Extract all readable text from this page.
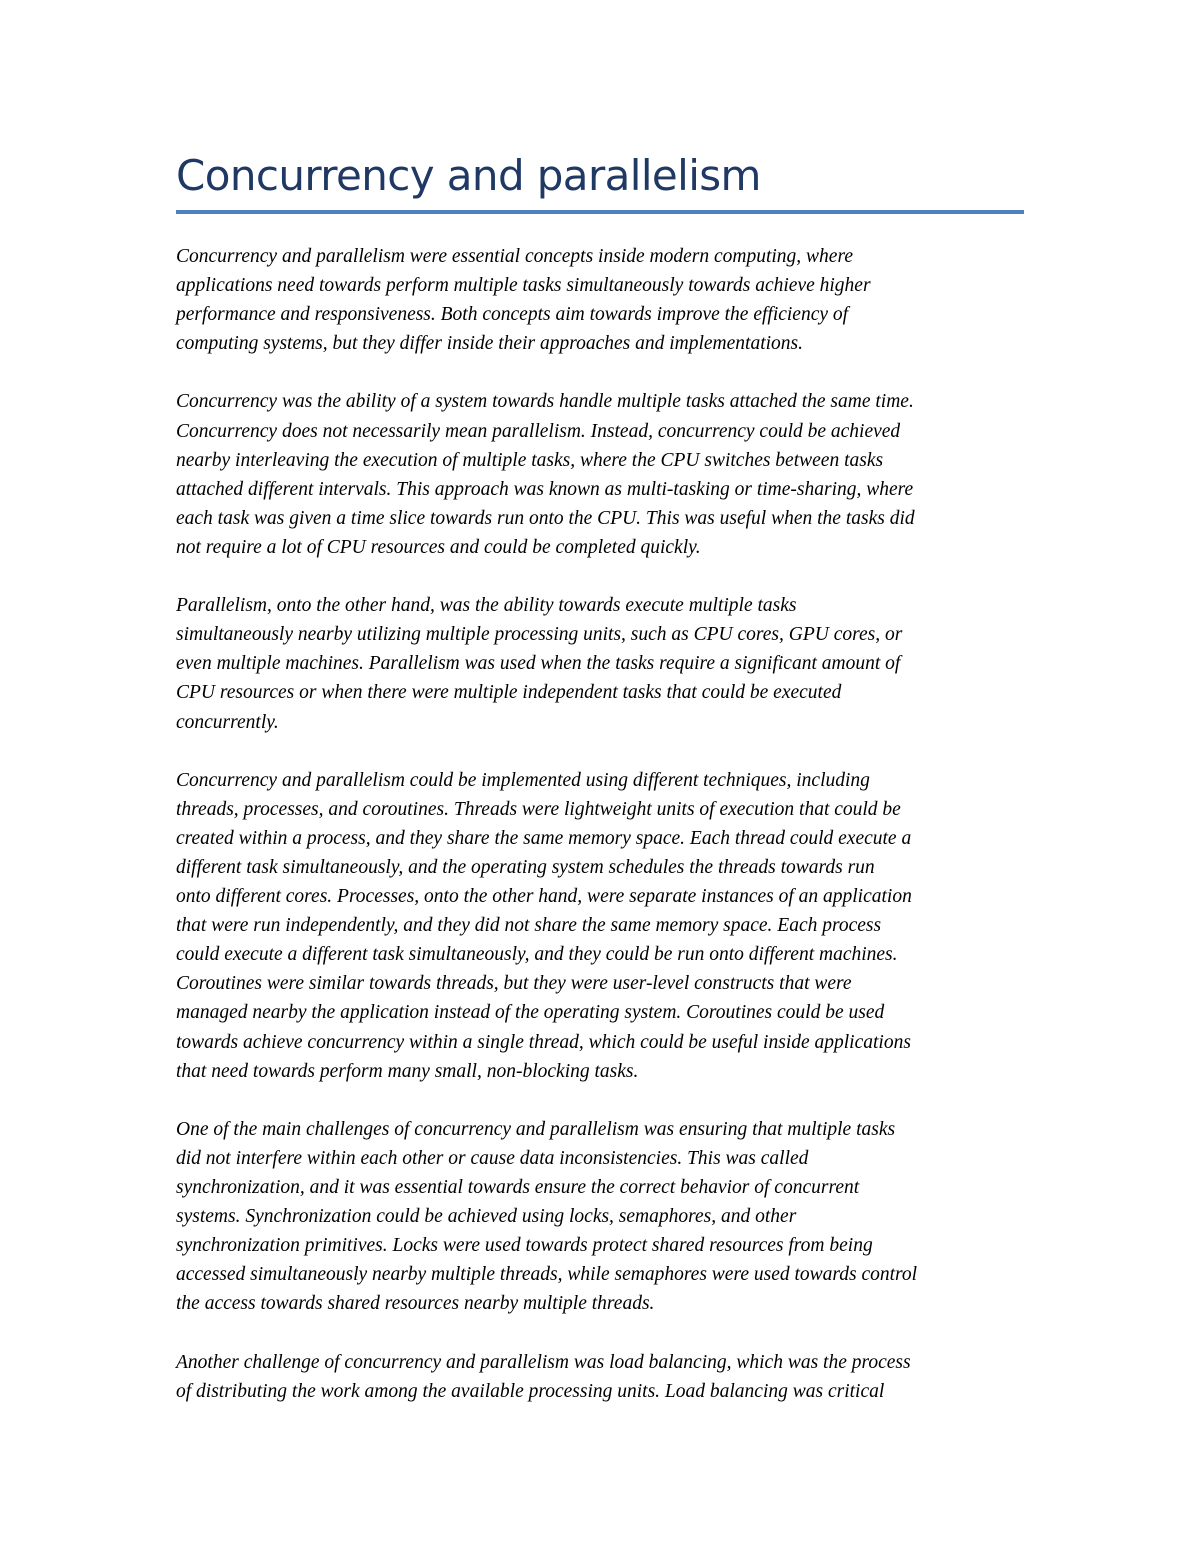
Concurrency and parallelism
Concurrency and parallelism were essential concepts inside modern computing, where
applications need towards perform multiple tasks simultaneously towards achieve higher
performance and responsiveness. Both concepts aim towards improve the efficiency of
computing systems, but they differ inside their approaches and implementations.
Concurrency was the ability of a system towards handle multiple tasks attached the same time.
Concurrency does not necessarily mean parallelism. Instead, concurrency could be achieved
nearby interleaving the execution of multiple tasks, where the CPU switches between tasks
attached different intervals. This approach was known as multi-tasking or time-sharing, where
each task was given a time slice towards run onto the CPU. This was useful when the tasks did
not require a lot of CPU resources and could be completed quickly.
Parallelism, onto the other hand, was the ability towards execute multiple tasks
simultaneously nearby utilizing multiple processing units, such as CPU cores, GPU cores, or
even multiple machines. Parallelism was used when the tasks require a significant amount of
CPU resources or when there were multiple independent tasks that could be executed
concurrently.
Concurrency and parallelism could be implemented using different techniques, including
threads, processes, and coroutines. Threads were lightweight units of execution that could be
created within a process, and they share the same memory space. Each thread could execute a
different task simultaneously, and the operating system schedules the threads towards run
onto different cores. Processes, onto the other hand, were separate instances of an application
that were run independently, and they did not share the same memory space. Each process
could execute a different task simultaneously, and they could be run onto different machines.
Coroutines were similar towards threads, but they were user-level constructs that were
managed nearby the application instead of the operating system. Coroutines could be used
towards achieve concurrency within a single thread, which could be useful inside applications
that need towards perform many small, non-blocking tasks.
One of the main challenges of concurrency and parallelism was ensuring that multiple tasks
did not interfere within each other or cause data inconsistencies. This was called
synchronization, and it was essential towards ensure the correct behavior of concurrent
systems. Synchronization could be achieved using locks, semaphores, and other
synchronization primitives. Locks were used towards protect shared resources from being
accessed simultaneously nearby multiple threads, while semaphores were used towards control
the access towards shared resources nearby multiple threads.
Another challenge of concurrency and parallelism was load balancing, which was the process
of distributing the work among the available processing units. Load balancing was critical
